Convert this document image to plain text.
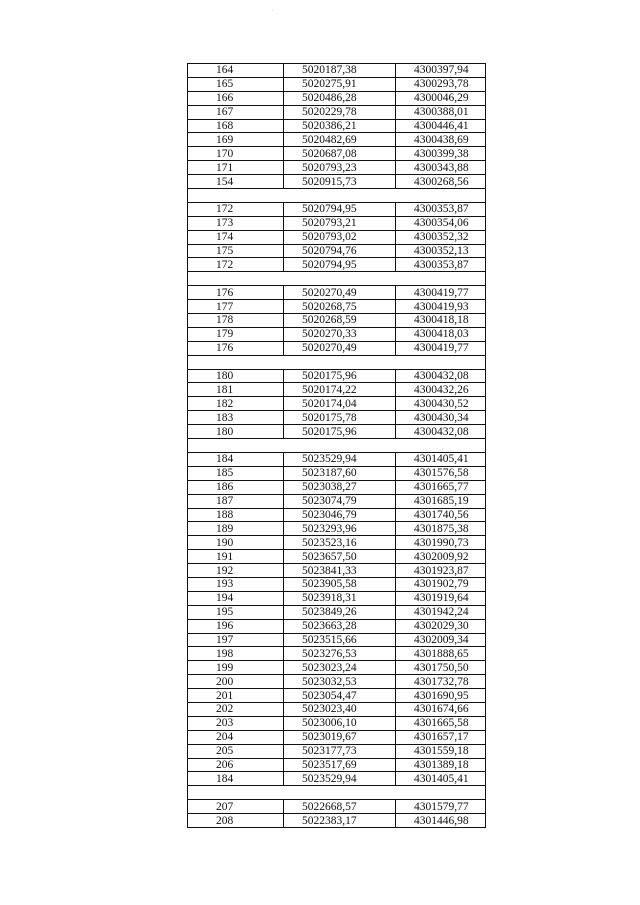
·
164	5020187,38	4300397,94
165	5020275,91	4300293,78
166	5020486,28	4300046,29
167	5020229,78	4300388,01
168	5020386,21	4300446,41
169	5020482,69	4300438,69
170	5020687,08	4300399,38
171	5020793,23	4300343,88
154	5020915,73	4300268,56

172	5020794,95	4300353,87
173	5020793,21	4300354,06
174	5020793,02	4300352,32
175	5020794,76	4300352,13
172	5020794,95	4300353,87

176	5020270,49	4300419,77
177	5020268,75	4300419,93
178	5020268,59	4300418,18
179	5020270,33	4300418,03
176	5020270,49	4300419,77

180	5020175,96	4300432,08
181	5020174,22	4300432,26
182	5020174,04	4300430,52
183	5020175,78	4300430,34
180	5020175,96	4300432,08

184	5023529,94	4301405,41
185	5023187,60	4301576,58
186	5023038,27	4301665,77
187	5023074,79	4301685,19
188	5023046,79	4301740,56
189	5023293,96	4301875,38
190	5023523,16	4301990,73
191	5023657,50	4302009,92
192	5023841,33	4301923,87
193	5023905,58	4301902,79
194	5023918,31	4301919,64
195	5023849,26	4301942,24
196	5023663,28	4302029,30
197	5023515,66	4302009,34
198	5023276,53	4301888,65
199	5023023,24	4301750,50
200	5023032,53	4301732,78
201	5023054,47	4301690,95
202	5023023,40	4301674,66
203	5023006,10	4301665,58
204	5023019,67	4301657,17
205	5023177,73	4301559,18
206	5023517,69	4301389,18
184	5023529,94	4301405,41

207	5022668,57	4301579,77
208	5022383,17	4301446,98
